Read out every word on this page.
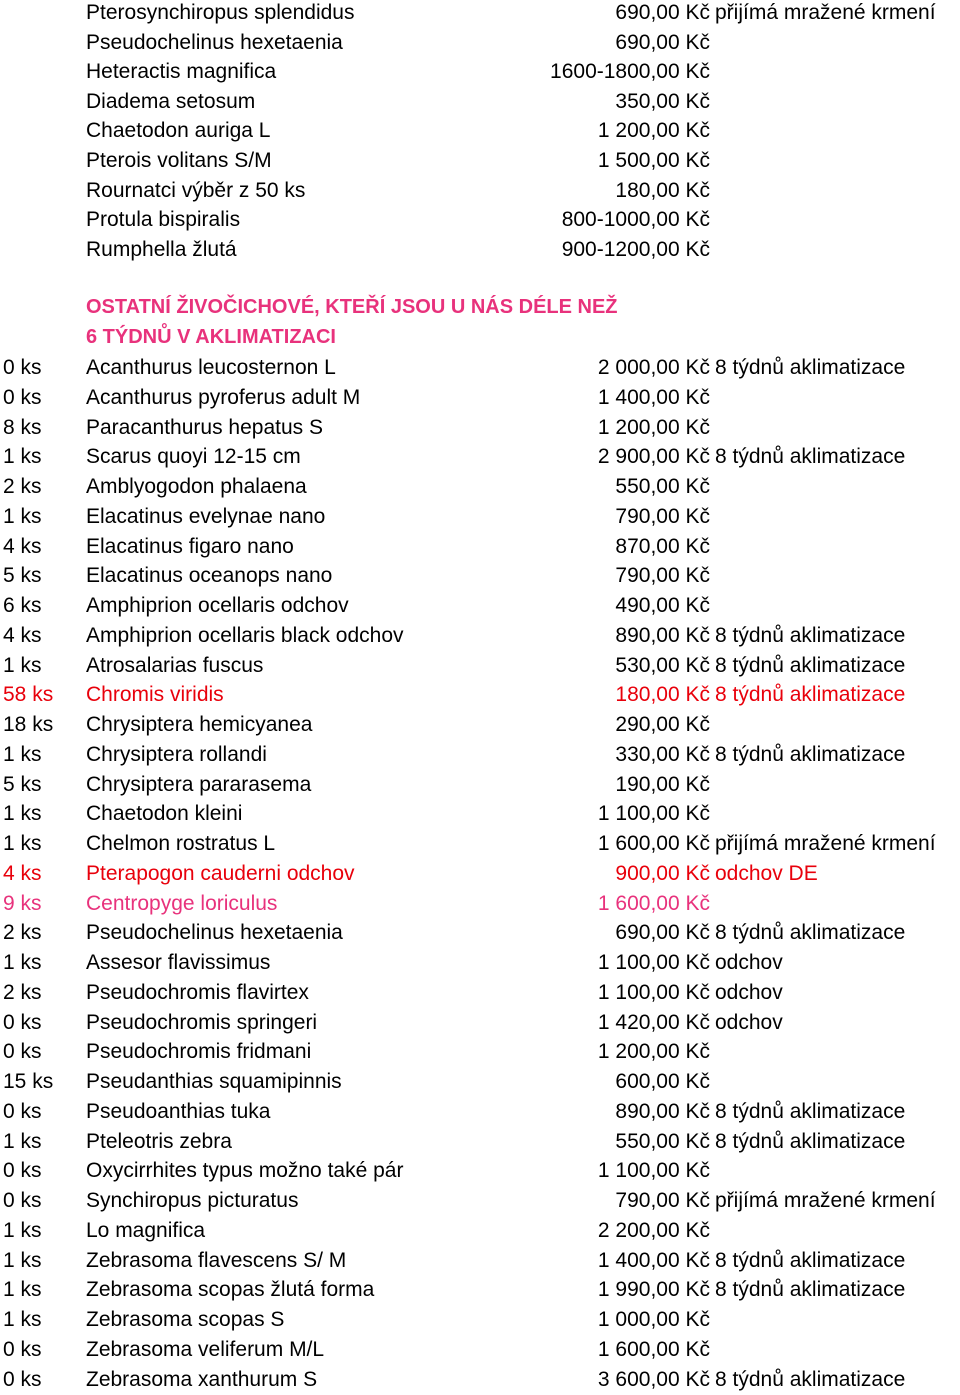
Pterosynchiropus splendidus	690,00 Kč přijímá mražené krmení
Pseudochelinus hexetaenia	690,00 Kč
Heteractis magnifica	1600-1800,00 Kč
Diadema setosum	350,00 Kč
Chaetodon auriga L	1 200,00 Kč
Pterois volitans S/M	1 500,00 Kč
Rournatci výběr z 50 ks	180,00 Kč
Protula bispiralis	800-1000,00 Kč
Rumphella žlutá	900-1200,00 Kč
OSTATNÍ ŽIVOČICHOVÉ, KTEŘÍ JSOU U NÁS DÉLE NEŽ
6 TÝDNŮ V AKLIMATIZACI
0 ks Acanthurus leucosternon L	2 000,00 Kč 8 týdnů aklimatizace
0 ks Acanthurus pyroferus adult M	1 400,00 Kč
8 ks Paracanthurus hepatus S	1 200,00 Kč
1 ks Scarus quoyi 12-15 cm	2 900,00 Kč 8 týdnů aklimatizace
2 ks Amblyogodon phalaena	550,00 Kč
1 ks Elacatinus evelynae nano	790,00 Kč
4 ks Elacatinus figaro nano	870,00 Kč
5 ks Elacatinus oceanops nano	790,00 Kč
6 ks Amphiprion ocellaris odchov	490,00 Kč
4 ks Amphiprion ocellaris black odchov	890,00 Kč 8 týdnů aklimatizace
1 ks Atrosalarias fuscus	530,00 Kč 8 týdnů aklimatizace
58 ks Chromis viridis	180,00 Kč 8 týdnů aklimatizace
18 ks Chrysiptera hemicyanea	290,00 Kč
1 ks Chrysiptera rollandi	330,00 Kč 8 týdnů aklimatizace
5 ks Chrysiptera pararasema	190,00 Kč
1 ks Chaetodon kleini	1 100,00 Kč
1 ks Chelmon rostratus L	1 600,00 Kč přijímá mražené krmení
4 ks Pterapogon cauderni odchov	900,00 Kč odchov DE
9 ks Centropyge loriculus	1 600,00 Kč
2 ks Pseudochelinus hexetaenia	690,00 Kč 8 týdnů aklimatizace
1 ks Assesor flavissimus	1 100,00 Kč odchov
2 ks Pseudochromis flavirtex	1 100,00 Kč odchov
0 ks Pseudochromis springeri	1 420,00 Kč odchov
0 ks Pseudochromis fridmani	1 200,00 Kč
15 ks Pseudanthias squamipinnis	600,00 Kč
0 ks Pseudoanthias tuka	890,00 Kč 8 týdnů aklimatizace
1 ks Pteleotris zebra	550,00 Kč 8 týdnů aklimatizace
0 ks Oxycirrhites typus možno také pár	1 100,00 Kč
0 ks Synchiropus picturatus	790,00 Kč přijímá mražené krmení
1 ks Lo magnifica	2 200,00 Kč
1 ks Zebrasoma flavescens S/ M	1 400,00 Kč 8 týdnů aklimatizace
1 ks Zebrasoma scopas žlutá forma	1 990,00 Kč 8 týdnů aklimatizace
1 ks Zebrasoma scopas S	1 000,00 Kč
0 ks Zebrasoma veliferum M/L	1 600,00 Kč
0 ks Zebrasoma xanthurum S	3 600,00 Kč 8 týdnů aklimatizace
